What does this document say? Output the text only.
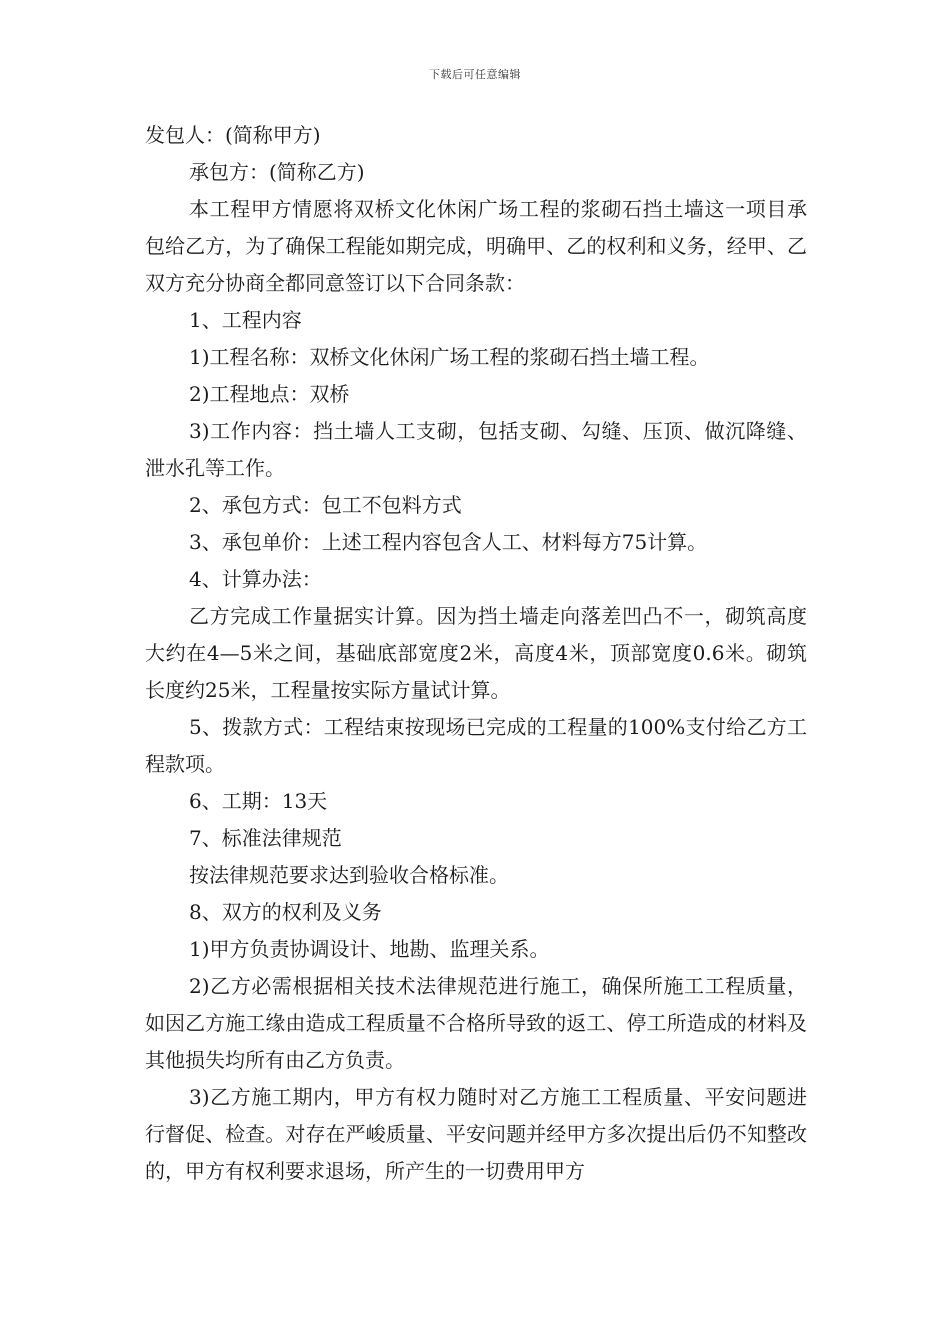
下载后可任意编辑

发包人：(简称甲方)

承包方：(简称乙方)

本工程甲方情愿将双桥文化休闲广场工程的浆砌石挡土墙这一项目承包给乙方，为了确保工程能如期完成，明确甲、乙的权利和义务，经甲、乙双方充分协商全都同意签订以下合同条款：

1、工程内容

1)工程名称：双桥文化休闲广场工程的浆砌石挡土墙工程。

2)工程地点：双桥

3)工作内容：挡土墙人工支砌，包括支砌、勾缝、压顶、做沉降缝、泄水孔等工作。

2、承包方式：包工不包料方式

3、承包单价：上述工程内容包含人工、材料每方75计算。

4、计算办法：

乙方完成工作量据实计算。因为挡土墙走向落差凹凸不一，砌筑高度大约在4—5米之间，基础底部宽度2米，高度4米，顶部宽度0.6米。砌筑长度约25米，工程量按实际方量试计算。

5、拨款方式：工程结束按现场已完成的工程量的100%支付给乙方工程款项。

6、工期：13天

7、标准法律规范

按法律规范要求达到验收合格标准。

8、双方的权利及义务

1)甲方负责协调设计、地勘、监理关系。

2)乙方必需根据相关技术法律规范进行施工，确保所施工工程质量，如因乙方施工缘由造成工程质量不合格所导致的返工、停工所造成的材料及其他损失均所有由乙方负责。

3)乙方施工期内，甲方有权力随时对乙方施工工程质量、平安问题进行督促、检查。对存在严峻质量、平安问题并经甲方多次提出后仍不知整改的，甲方有权利要求退场，所产生的一切费用甲方
